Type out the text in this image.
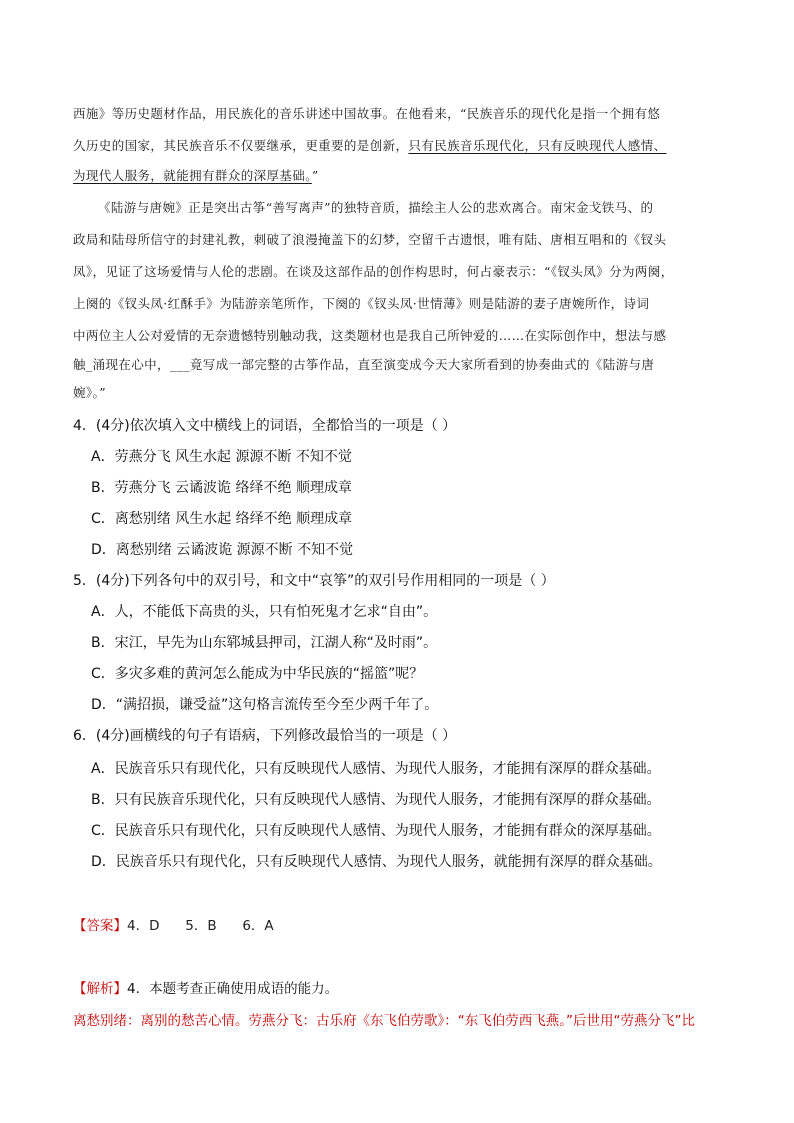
西施》等历史题材作品，用民族化的音乐讲述中国故事。在他看来，“民族音乐的现代化是指一个拥有悠
久历史的国家，其民族音乐不仅要继承，更重要的是创新，只有民族音乐现代化，只有反映现代人感情、
为现代人服务，就能拥有群众的深厚基础。”
《陆游与唐婉》正是突出古筝“善写离声”的独特音质，描绘主人公的悲欢离合。南宋金戈铁马、的
政局和陆母所信守的封建礼教，刺破了浪漫掩盖下的幻梦，空留千古遗恨，唯有陆、唐相互唱和的《钗头
凤》，见证了这场爱情与人伦的悲剧。在谈及这部作品的创作构思时，何占豪表示：“《钗头凤》分为两阕，
上阕的《钗头凤·红酥手》为陆游亲笔所作，下阕的《钗头凤·世情薄》则是陆游的妻子唐婉所作，诗词
中两位主人公对爱情的无奈遗憾特别触动我，这类题材也是我自己所钟爱的……在实际创作中，想法与感
触_涌现在心中，___竟写成一部完整的古筝作品，直至演变成今天大家所看到的协奏曲式的《陆游与唐
婉》。”
4．(4分)依次填入文中横线上的词语，全都恰当的一项是（ ）
A．劳燕分飞 风生水起 源源不断 不知不觉
B．劳燕分飞 云谲波诡 络绎不绝 顺理成章
C．离愁别绪 风生水起 络绎不绝 顺理成章
D．离愁别绪 云谲波诡 源源不断 不知不觉
5．(4分)下列各句中的双引号，和文中“哀筝”的双引号作用相同的一项是（ ）
A．人，不能低下高贵的头，只有怕死鬼才乞求“自由”。
B．宋江，早先为山东郓城县押司，江湖人称“及时雨”。
C．多灾多难的黄河怎么能成为中华民族的“摇篮”呢？
D．“满招损，谦受益”这句格言流传至今至少两千年了。
6．(4分)画横线的句子有语病，下列修改最恰当的一项是（ ）
A．民族音乐只有现代化，只有反映现代人感情、为现代人服务，才能拥有深厚的群众基础。
B．只有民族音乐现代化，只有反映现代人感情、为现代人服务，才能拥有深厚的群众基础。
C．民族音乐只有现代化，只有反映现代人感情、为现代人服务，才能拥有群众的深厚基础。
D．民族音乐只有现代化，只有反映现代人感情、为现代人服务，就能拥有深厚的群众基础。
【答案】4．D      5．B      6．A
【解析】4．本题考查正确使用成语的能力。
离愁别绪：离别的愁苦心情。劳燕分飞：古乐府《东飞伯劳歌》：“东飞伯劳西飞燕。”后世用“劳燕分飞”比
